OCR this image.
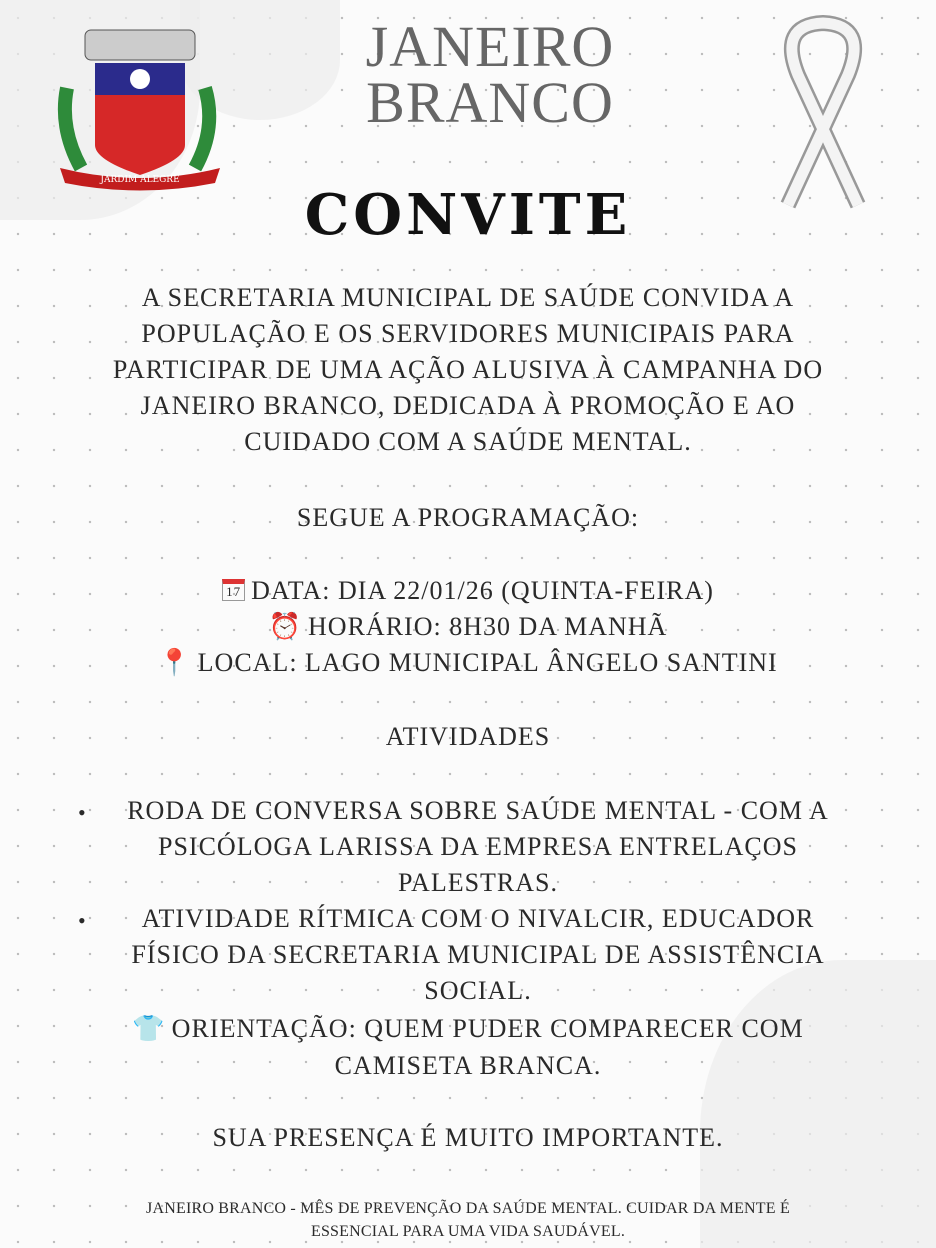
JARDIM ALEGRE
JANEIRO
BRANCO
CONVITE
A SECRETARIA MUNICIPAL DE SAÚDE CONVIDA A
POPULAÇÃO E OS SERVIDORES MUNICIPAIS PARA
PARTICIPAR DE UMA AÇÃO ALUSIVA À CAMPANHA DO
JANEIRO BRANCO, DEDICADA À PROMOÇÃO E AO
CUIDADO COM A SAÚDE MENTAL.
SEGUE A PROGRAMAÇÃO:
17 DATA: DIA 22/01/26 (QUINTA-FEIRA)
⏰ HORÁRIO: 8H30 DA MANHÃ
📍 LOCAL: LAGO MUNICIPAL ÂNGELO SANTINI
ATIVIDADES
•	RODA DE CONVERSA SOBRE SAÚDE MENTAL - COM A
PSICÓLOGA LARISSA DA EMPRESA ENTRELAÇOS
PALESTRAS.
•	ATIVIDADE RÍTMICA COM O NIVALCIR, EDUCADOR
FÍSICO DA SECRETARIA MUNICIPAL DE ASSISTÊNCIA
SOCIAL.
👕 ORIENTAÇÃO: QUEM PUDER COMPARECER COM
CAMISETA BRANCA.
SUA PRESENÇA É MUITO IMPORTANTE.
JANEIRO BRANCO - MÊS DE PREVENÇÃO DA SAÚDE MENTAL. CUIDAR DA MENTE É
ESSENCIAL PARA UMA VIDA SAUDÁVEL.
